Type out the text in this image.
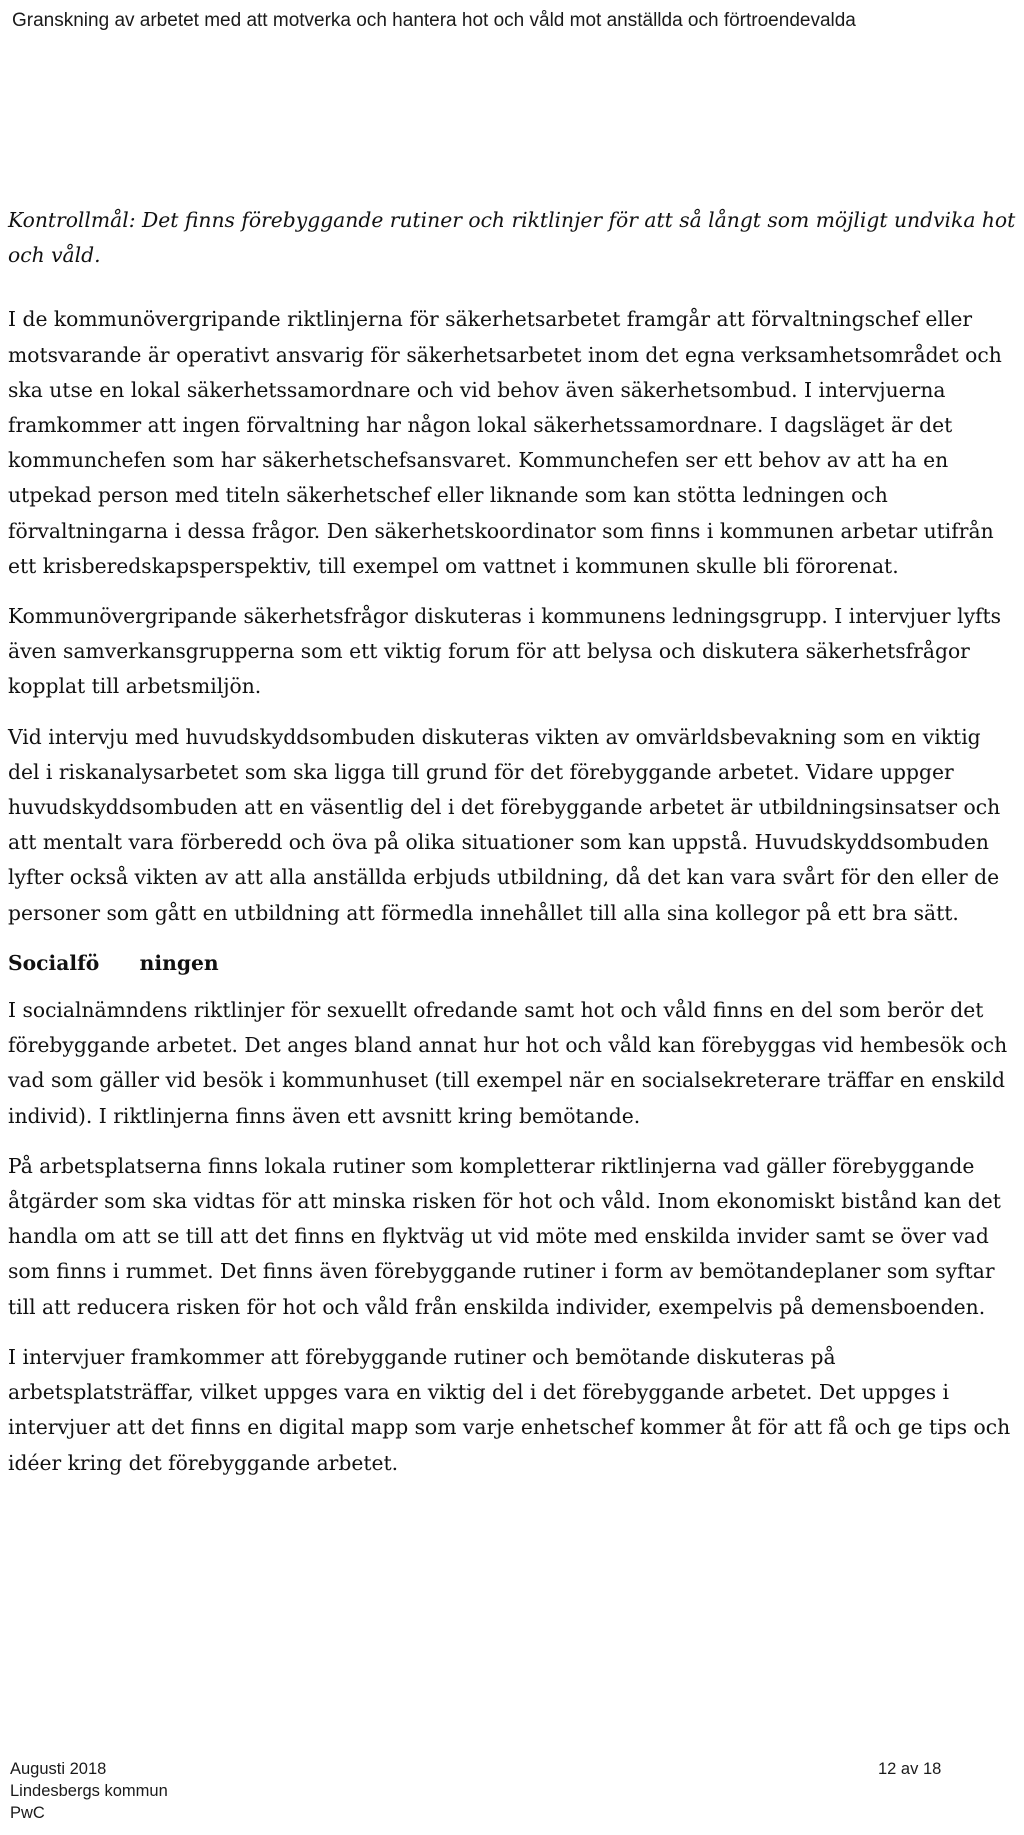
Granskning av arbetet med att motverka och hantera hot och våld mot anställda och förtroendevalda

Kontrollmål: Det finns förebyggande rutiner och riktlinjer för att så långt som möjligt undvika hot och våld.

I de kommunövergripande riktlinjerna för säkerhetsarbetet framgår att förvaltningschef eller motsvarande är operativt ansvarig för säkerhetsarbetet inom det egna verksamhetsområdet och ska utse en lokal säkerhetssamordnare och vid behov även säkerhetsombud. I intervjuerna framkommer att ingen förvaltning har någon lokal säkerhetssamordnare. I dagsläget är det kommunchefen som har säkerhetschefsansvaret. Kommunchefen ser ett behov av att ha en utpekad person med titeln säkerhetschef eller liknande som kan stötta ledningen och förvaltningarna i dessa frågor. Den säkerhetskoordinator som finns i kommunen arbetar utifrån ett krisberedskapsperspektiv, till exempel om vattnet i kommunen skulle bli förorenat.

Kommunövergripande säkerhetsfrågor diskuteras i kommunens ledningsgrupp. I intervjuer lyfts även samverkansgrupperna som ett viktig forum för att belysa och diskutera säkerhetsfrågor kopplat till arbetsmiljön.

Vid intervju med huvudskyddsombuden diskuteras vikten av omvärldsbevakning som en viktig del i riskanalysarbetet som ska ligga till grund för det förebyggande arbetet. Vidare uppger huvudskyddsombuden att en väsentlig del i det förebyggande arbetet är utbildningsinsatser och att mentalt vara förberedd och öva på olika situationer som kan uppstå. Huvudskyddsombuden lyfter också vikten av att alla anställda erbjuds utbildning, då det kan vara svårt för den eller de personer som gått en utbildning att förmedla innehållet till alla sina kollegor på ett bra sätt.

Socialfö     ningen

I socialnämndens riktlinjer för sexuellt ofredande samt hot och våld finns en del som berör det förebyggande arbetet. Det anges bland annat hur hot och våld kan förebyggas vid hembesök och vad som gäller vid besök i kommunhuset (till exempel när en socialsekreterare träffar en enskild individ). I riktlinjerna finns även ett avsnitt kring bemötande.

På arbetsplatserna finns lokala rutiner som kompletterar riktlinjerna vad gäller förebyggande åtgärder som ska vidtas för att minska risken för hot och våld. Inom ekonomiskt bistånd kan det handla om att se till att det finns en flyktväg ut vid möte med enskilda invider samt se över vad som finns i rummet. Det finns även förebyggande rutiner i form av bemötandeplaner som syftar till att reducera risken för hot och våld från enskilda individer, exempelvis på demensboenden.

I intervjuer framkommer att förebyggande rutiner och bemötande diskuteras på arbetsplatsträffar, vilket uppges vara en viktig del i det förebyggande arbetet. Det uppges i intervjuer att det finns en digital mapp som varje enhetschef kommer åt för att få och ge tips och idéer kring det förebyggande arbetet.

Augusti 2018
Lindesbergs kommun
PwC
12 av 18
